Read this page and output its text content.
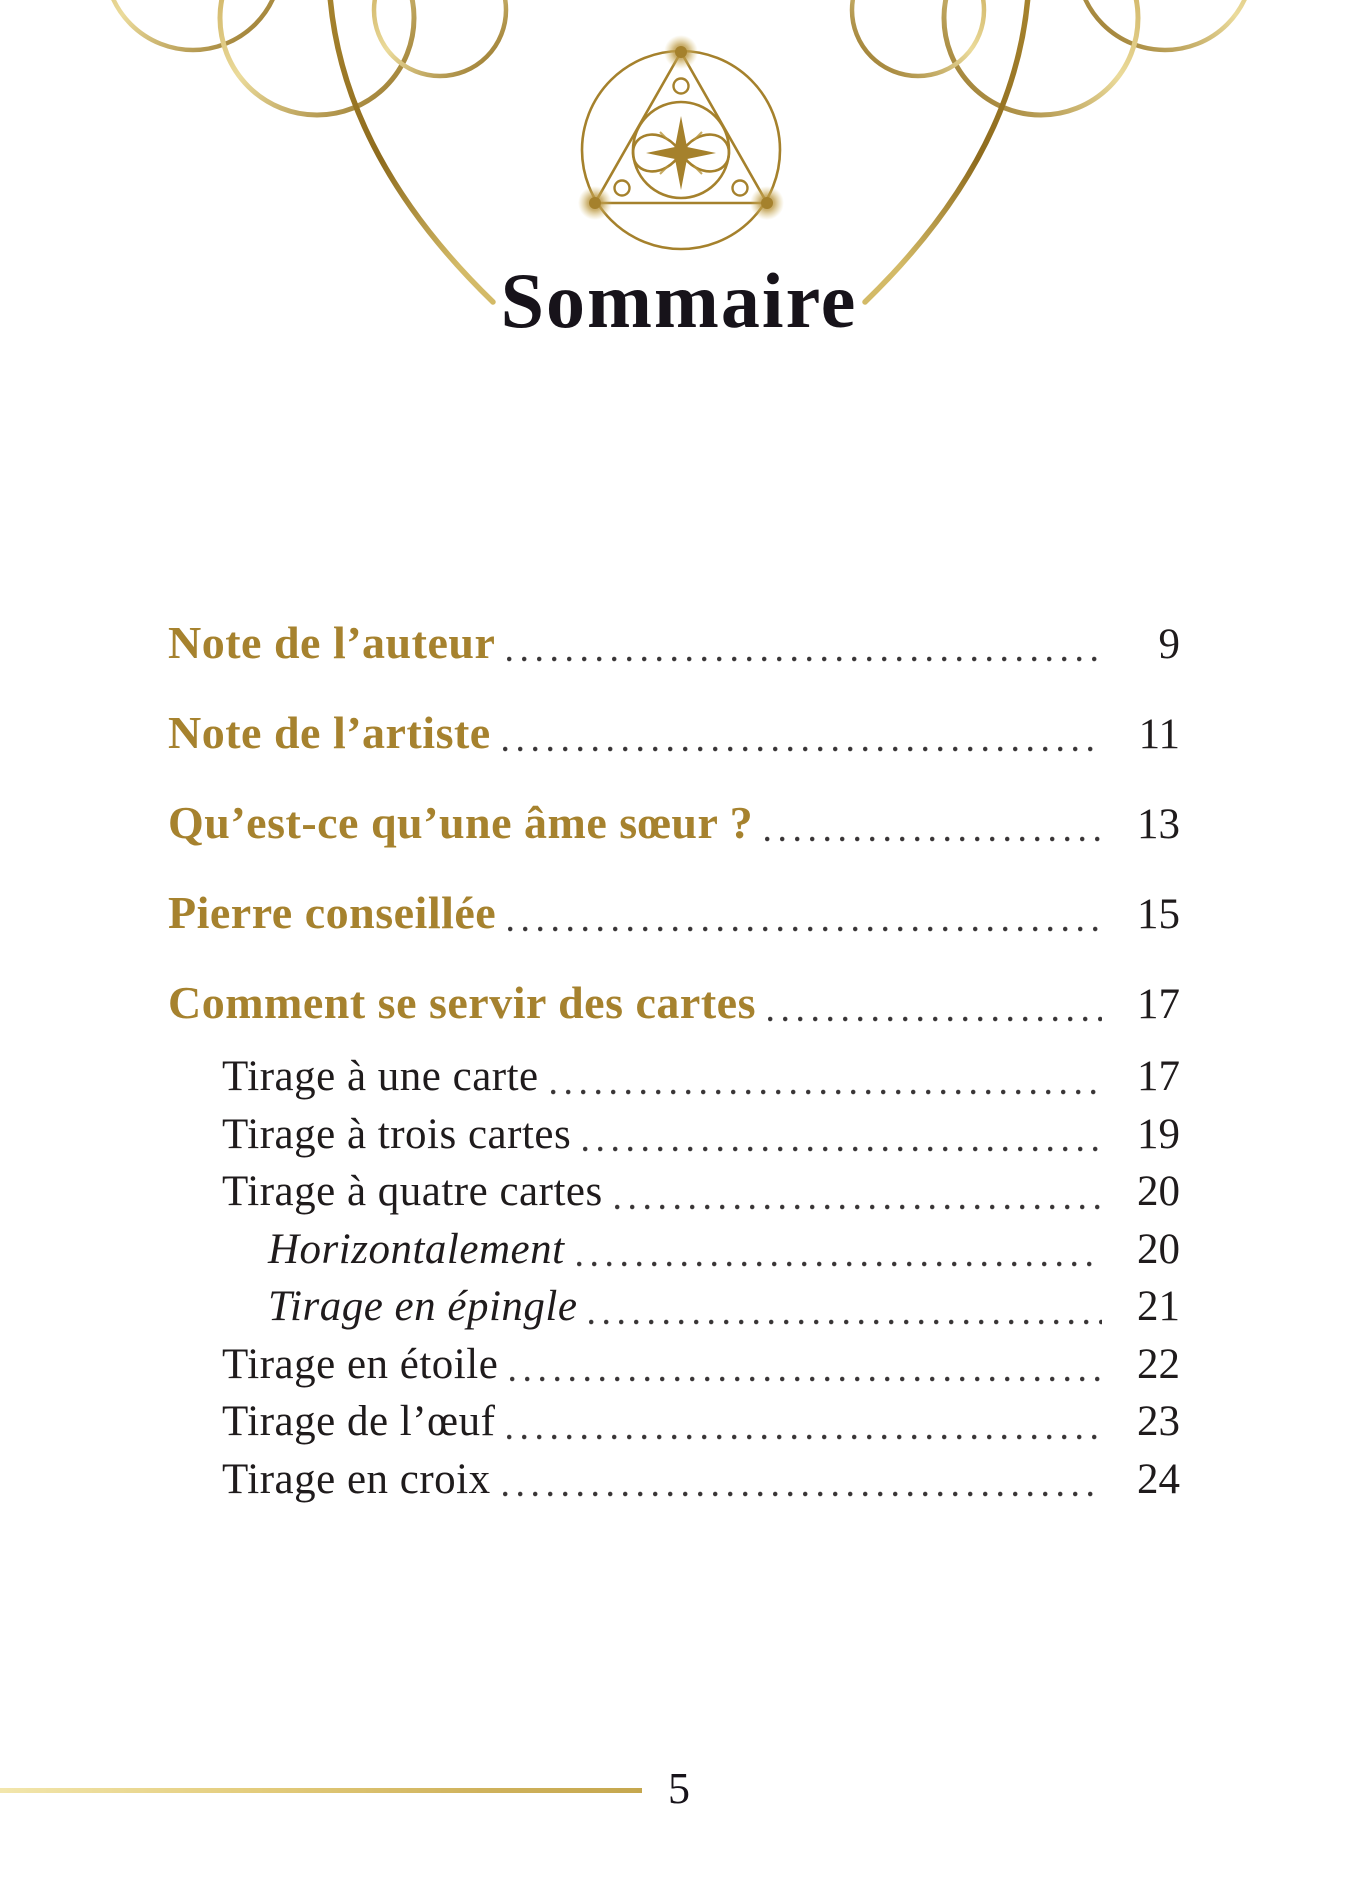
Sommaire
Note de l’auteur	9
Note de l’artiste	11
Qu’est-ce qu’une âme sœur ?	13
Pierre conseillée	15
Comment se servir des cartes	17
Tirage à une carte	17
Tirage à trois cartes	19
Tirage à quatre cartes	20
Horizontalement	20
Tirage en épingle	21
Tirage en étoile	22
Tirage de l’œuf	23
Tirage en croix	24
5
